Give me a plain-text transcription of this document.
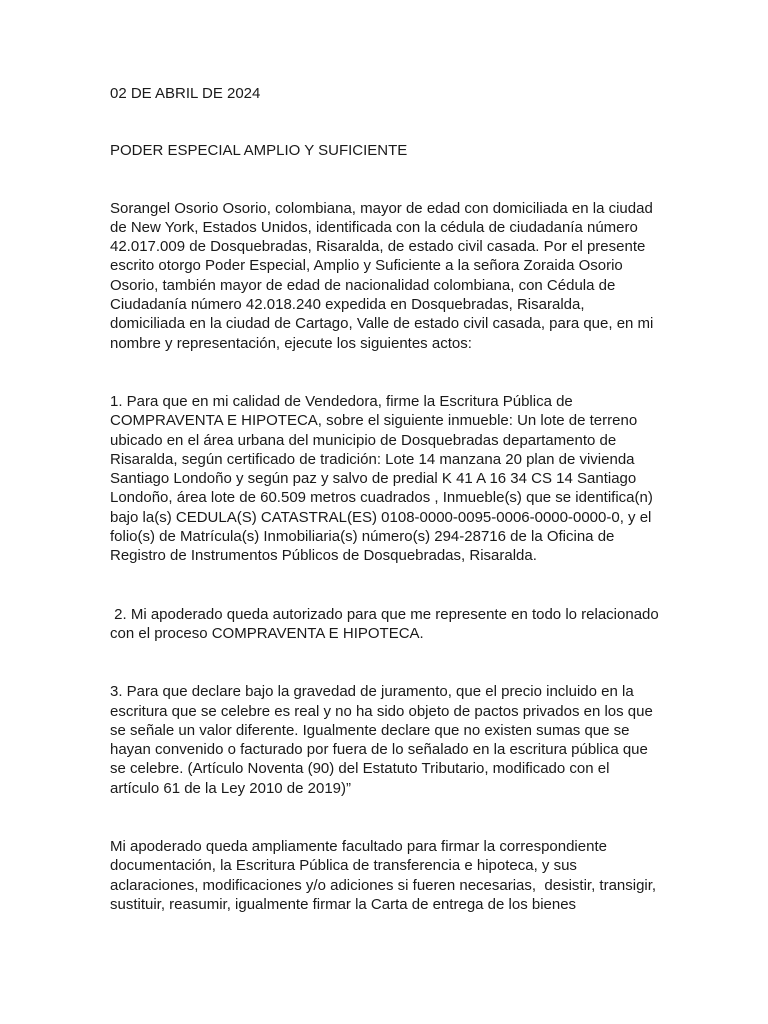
02 DE ABRIL DE 2024

PODER ESPECIAL AMPLIO Y SUFICIENTE

Sorangel Osorio Osorio, colombiana, mayor de edad con domiciliada en la ciudad de New York, Estados Unidos, identificada con la cédula de ciudadanía número 42.017.009 de Dosquebradas, Risaralda, de estado civil casada. Por el presente escrito otorgo Poder Especial, Amplio y Suficiente a la señora Zoraida Osorio Osorio, también mayor de edad de nacionalidad colombiana, con Cédula de Ciudadanía número 42.018.240 expedida en Dosquebradas, Risaralda, domiciliada en la ciudad de Cartago, Valle de estado civil casada, para que, en mi nombre y representación, ejecute los siguientes actos:

1. Para que en mi calidad de Vendedora, firme la Escritura Pública de COMPRAVENTA E HIPOTECA, sobre el siguiente inmueble: Un lote de terreno ubicado en el área urbana del municipio de Dosquebradas departamento de Risaralda, según certificado de tradición: Lote 14 manzana 20 plan de vivienda Santiago Londoño y según paz y salvo de predial K 41 A 16 34 CS 14 Santiago Londoño, área lote de 60.509 metros cuadrados , Inmueble(s) que se identifica(n) bajo la(s) CEDULA(S) CATASTRAL(ES) 0108-0000-0095-0006-0000-0000-0, y el folio(s) de Matrícula(s) Inmobiliaria(s) número(s) 294-28716 de la Oficina de Registro de Instrumentos Públicos de Dosquebradas, Risaralda.

2. Mi apoderado queda autorizado para que me represente en todo lo relacionado con el proceso COMPRAVENTA E HIPOTECA.

3. Para que declare bajo la gravedad de juramento, que el precio incluido en la escritura que se celebre es real y no ha sido objeto de pactos privados en los que se señale un valor diferente. Igualmente declare que no existen sumas que se hayan convenido o facturado por fuera de lo señalado en la escritura pública que se celebre. (Artículo Noventa (90) del Estatuto Tributario, modificado con el artículo 61 de la Ley 2010 de 2019)”

Mi apoderado queda ampliamente facultado para firmar la correspondiente documentación, la Escritura Pública de transferencia e hipoteca, y sus aclaraciones, modificaciones y/o adiciones si fueren necesarias,  desistir, transigir, sustituir, reasumir, igualmente firmar la Carta de entrega de los bienes
